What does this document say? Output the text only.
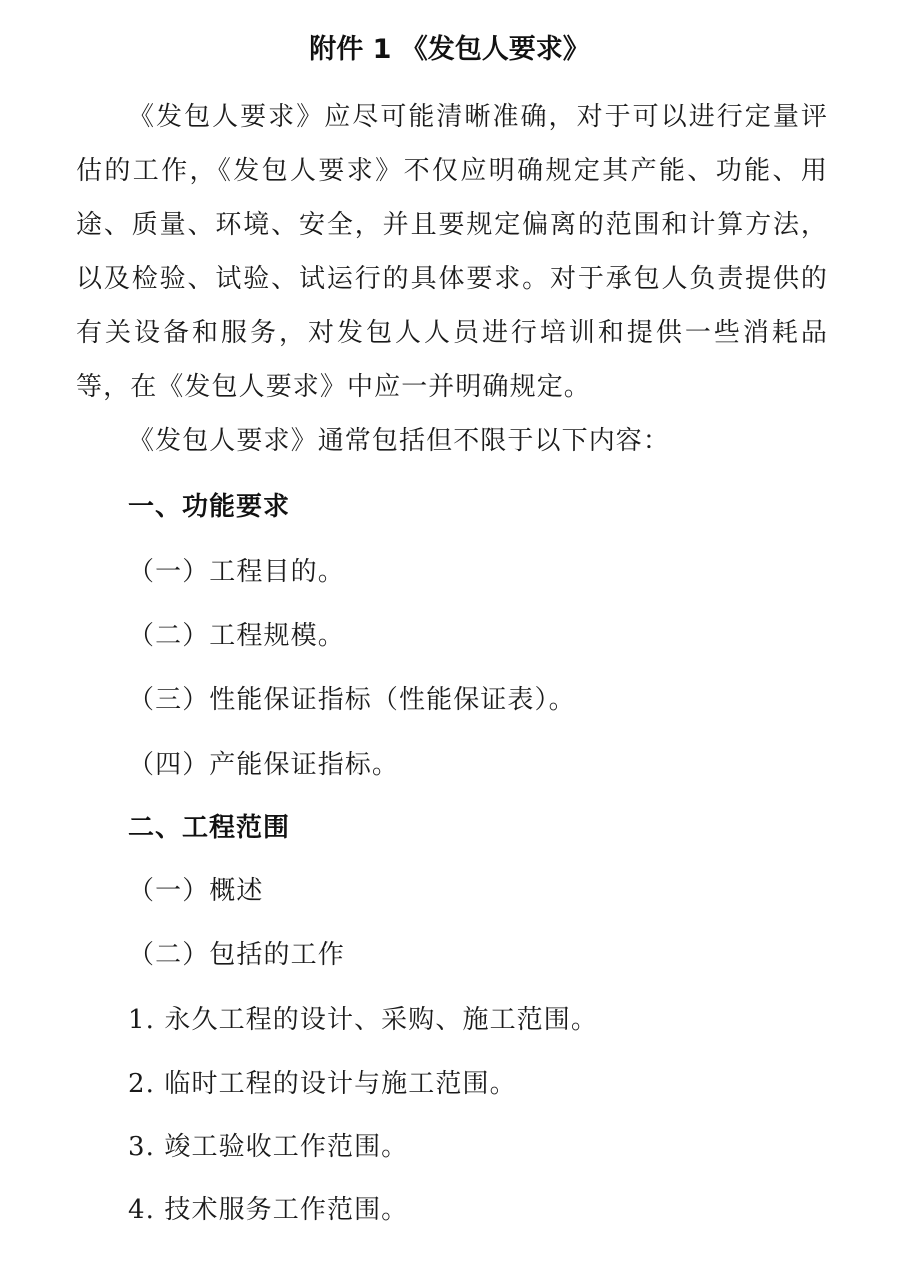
附件 1 《发包人要求》

《发包人要求》应尽可能清晰准确，对于可以进行定量评估的工作，《发包人要求》不仅应明确规定其产能、功能、用途、质量、环境、安全，并且要规定偏离的范围和计算方法，以及检验、试验、试运行的具体要求。对于承包人负责提供的有关设备和服务，对发包人人员进行培训和提供一些消耗品等，在《发包人要求》中应一并明确规定。

《发包人要求》通常包括但不限于以下内容：

一、功能要求

（一）工程目的。

（二）工程规模。

（三）性能保证指标（性能保证表）。

（四）产能保证指标。

二、工程范围

（一）概述

（二）包括的工作

1. 永久工程的设计、采购、施工范围。

2. 临时工程的设计与施工范围。

3. 竣工验收工作范围。

4. 技术服务工作范围。
